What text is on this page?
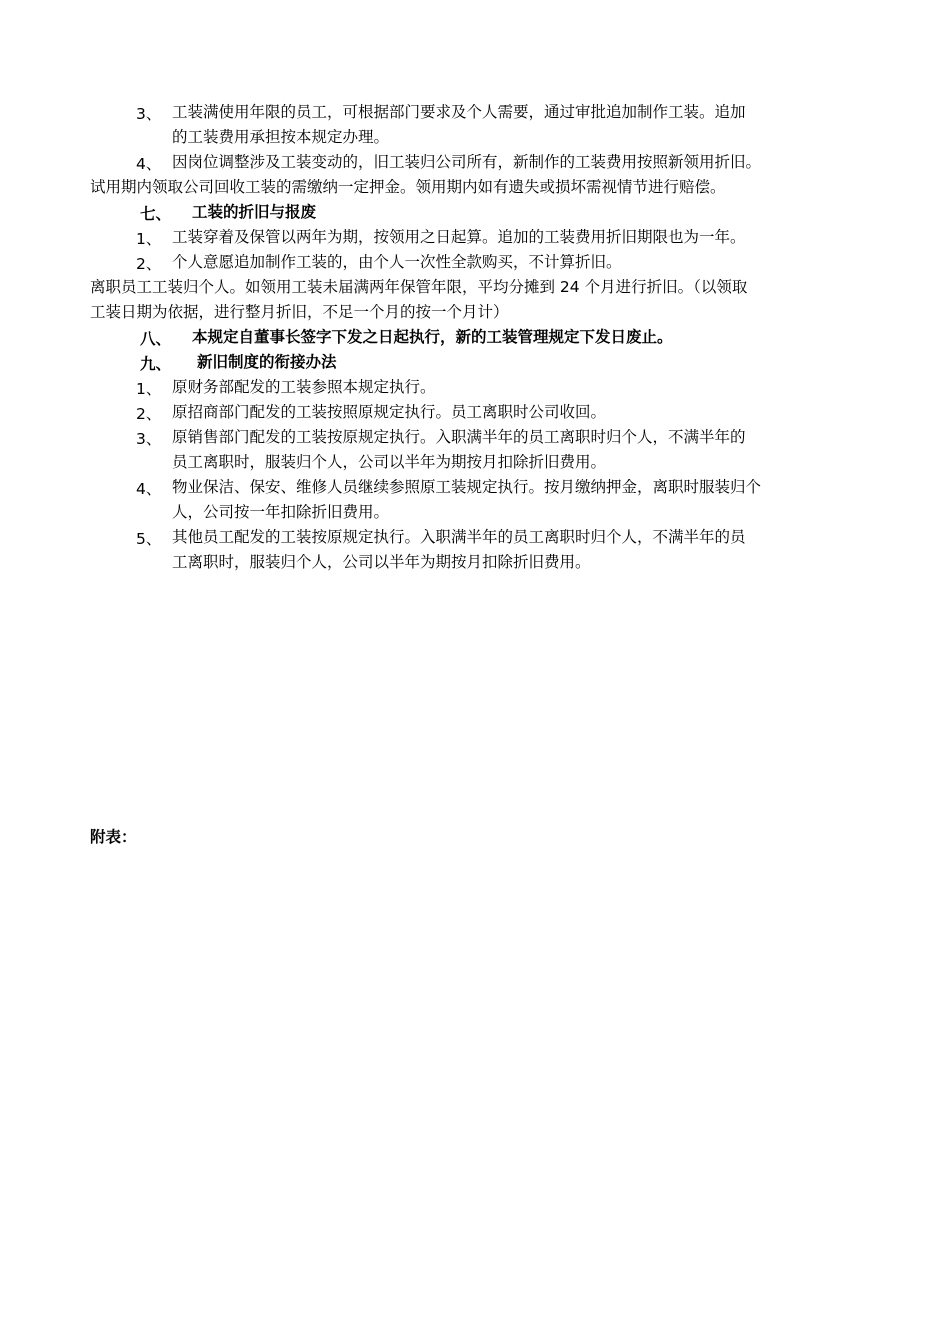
3、 工装满使用年限的员工，可根据部门要求及个人需要，通过审批追加制作工装。追加
的工装费用承担按本规定办理。
4、 因岗位调整涉及工装变动的，旧工装归公司所有，新制作的工装费用按照新领用折旧。
试用期内领取公司回收工装的需缴纳一定押金。领用期内如有遗失或损坏需视情节进行赔偿。
七、 工装的折旧与报废
1、 工装穿着及保管以两年为期，按领用之日起算。追加的工装费用折旧期限也为一年。
2、 个人意愿追加制作工装的，由个人一次性全款购买，不计算折旧。
离职员工工装归个人。如领用工装未届满两年保管年限，平均分摊到 24 个月进行折旧。（以领取
工装日期为依据，进行整月折旧，不足一个月的按一个月计）
八、 本规定自董事长签字下发之日起执行，新的工装管理规定下发日废止。
九、 新旧制度的衔接办法
1、 原财务部配发的工装参照本规定执行。
2、 原招商部门配发的工装按照原规定执行。员工离职时公司收回。
3、 原销售部门配发的工装按原规定执行。入职满半年的员工离职时归个人，不满半年的
员工离职时，服装归个人，公司以半年为期按月扣除折旧费用。
4、 物业保洁、保安、维修人员继续参照原工装规定执行。按月缴纳押金，离职时服装归个
人，公司按一年扣除折旧费用。
5、 其他员工配发的工装按原规定执行。入职满半年的员工离职时归个人，不满半年的员
工离职时，服装归个人，公司以半年为期按月扣除折旧费用。
附表：
